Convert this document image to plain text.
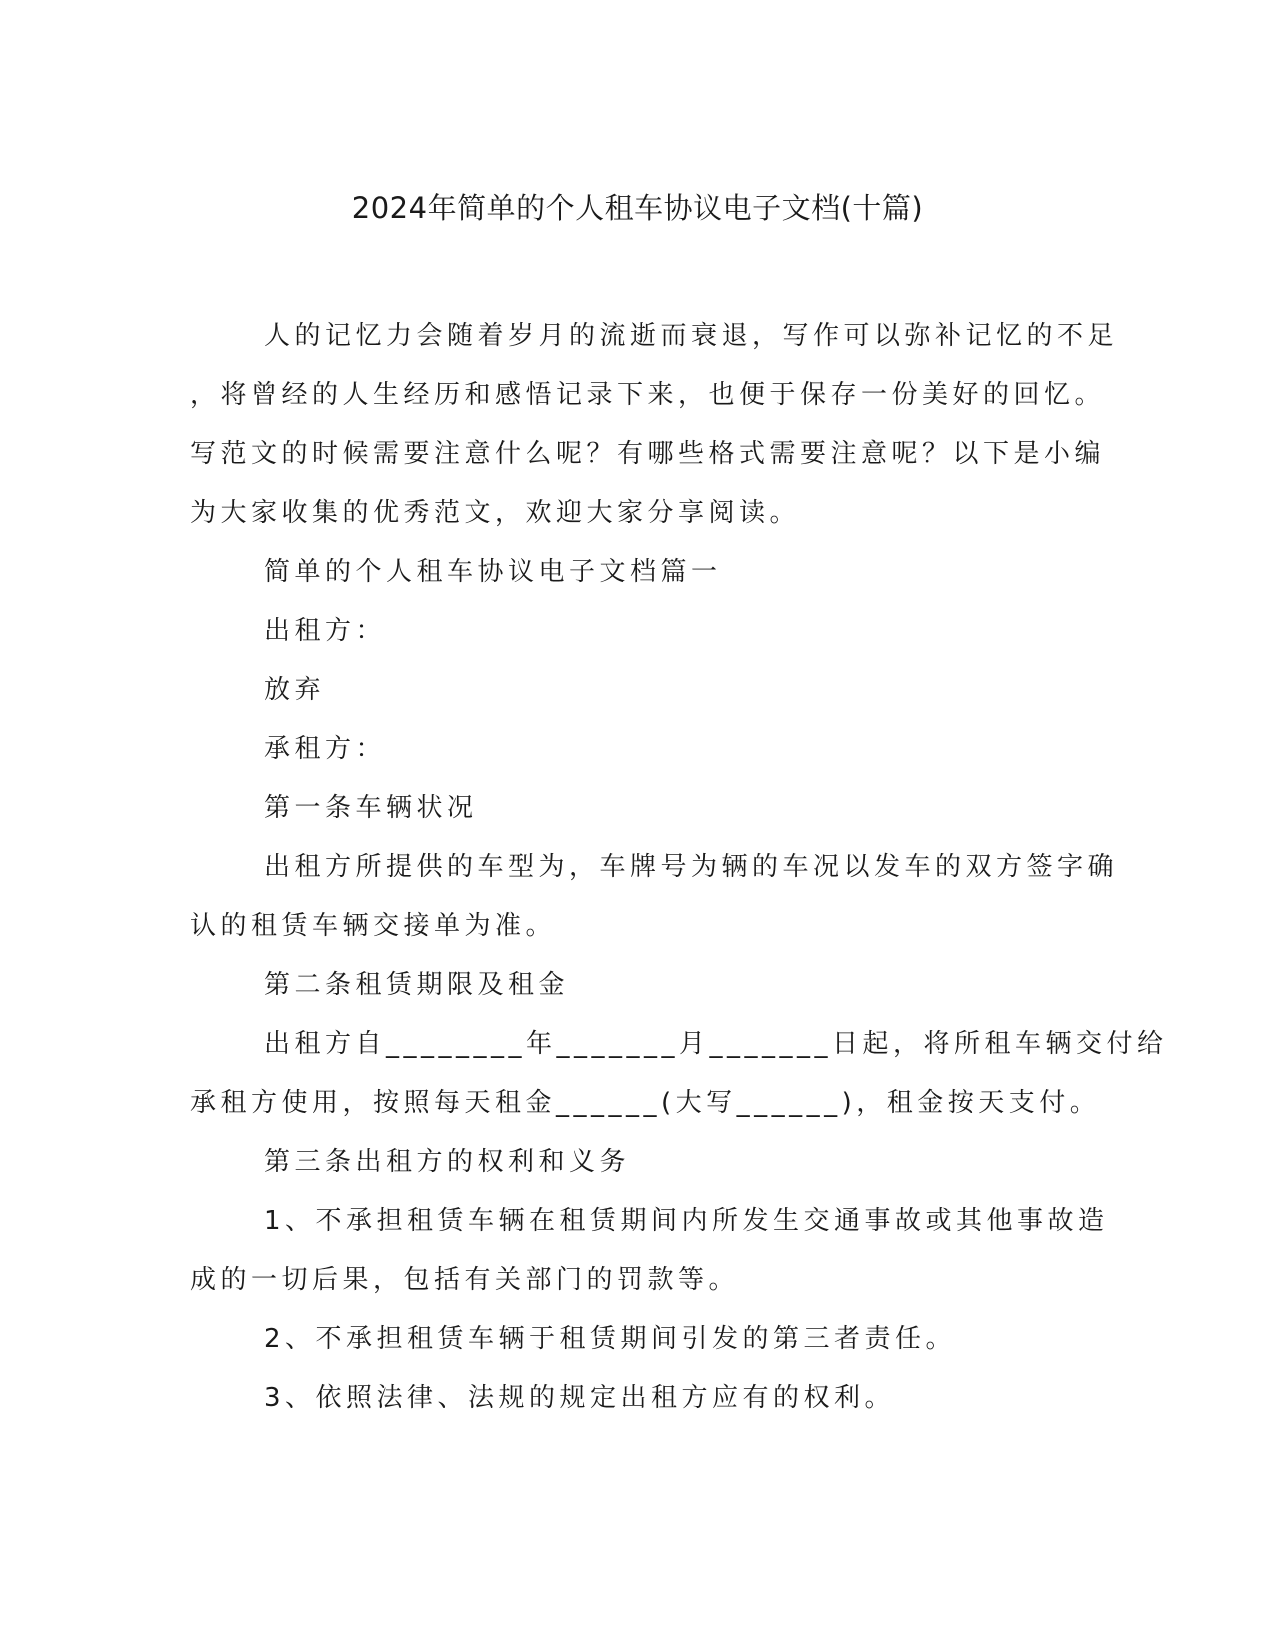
2024年简单的个人租车协议电子文档(十篇)
人的记忆力会随着岁月的流逝而衰退，写作可以弥补记忆的不足
，将曾经的人生经历和感悟记录下来，也便于保存一份美好的回忆。
写范文的时候需要注意什么呢？有哪些格式需要注意呢？以下是小编
为大家收集的优秀范文，欢迎大家分享阅读。
简单的个人租车协议电子文档篇一
出租方：
放弃
承租方：
第一条车辆状况
出租方所提供的车型为，车牌号为辆的车况以发车的双方签字确
认的租赁车辆交接单为准。
第二条租赁期限及租金
出租方自________年_______月_______日起，将所租车辆交付给
承租方使用，按照每天租金______(大写______)，租金按天支付。
第三条出租方的权利和义务
1、不承担租赁车辆在租赁期间内所发生交通事故或其他事故造
成的一切后果，包括有关部门的罚款等。
2、不承担租赁车辆于租赁期间引发的第三者责任。
3、依照法律、法规的规定出租方应有的权利。
